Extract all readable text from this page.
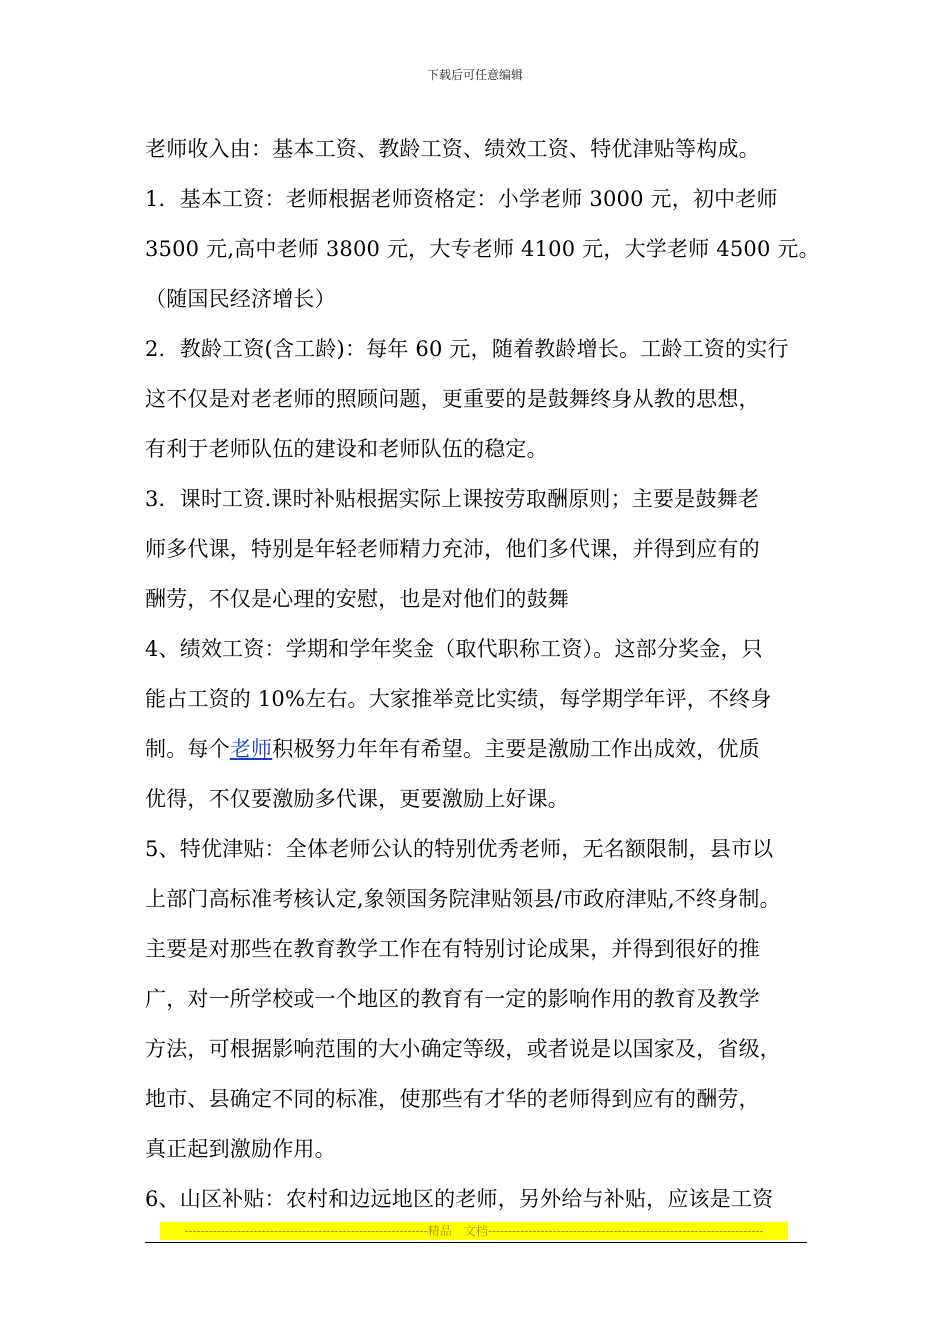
下载后可任意编辑
老师收入由：基本工资、教龄工资、绩效工资、特优津贴等构成。
1．基本工资：老师根据老师资格定：小学老师 3000 元，初中老师
3500 元,高中老师 3800 元，大专老师 4100 元，大学老师 4500 元。
（随国民经济增长）
2．教龄工资(含工龄)：每年 60 元，随着教龄增长。工龄工资的实行
这不仅是对老老师的照顾问题，更重要的是鼓舞终身从教的思想，
有利于老师队伍的建设和老师队伍的稳定。
3．课时工资.课时补贴根据实际上课按劳取酬原则；主要是鼓舞老
师多代课，特别是年轻老师精力充沛，他们多代课，并得到应有的
酬劳，不仅是心理的安慰，也是对他们的鼓舞
4、绩效工资：学期和学年奖金（取代职称工资）。这部分奖金，只
能占工资的 10%左右。大家推举竞比实绩，每学期学年评，不终身
制。每个老师积极努力年年有希望。主要是激励工作出成效，优质
优得，不仅要激励多代课，更要激励上好课。
5、特优津贴：全体老师公认的特别优秀老师，无名额限制，县市以
上部门高标准考核认定,象领国务院津贴领县/市政府津贴,不终身制。
主要是对那些在教育教学工作在有特别讨论成果，并得到很好的推
广，对一所学校或一个地区的教育有一定的影响作用的教育及教学
方法，可根据影响范围的大小确定等级，或者说是以国家及，省级，
地市、县确定不同的标准，使那些有才华的老师得到应有的酬劳，
真正起到激励作用。
6、山区补贴：农村和边远地区的老师，另外给与补贴，应该是工资
------------------------------------------------------------精品　文档--------------------------------------------------------------------
